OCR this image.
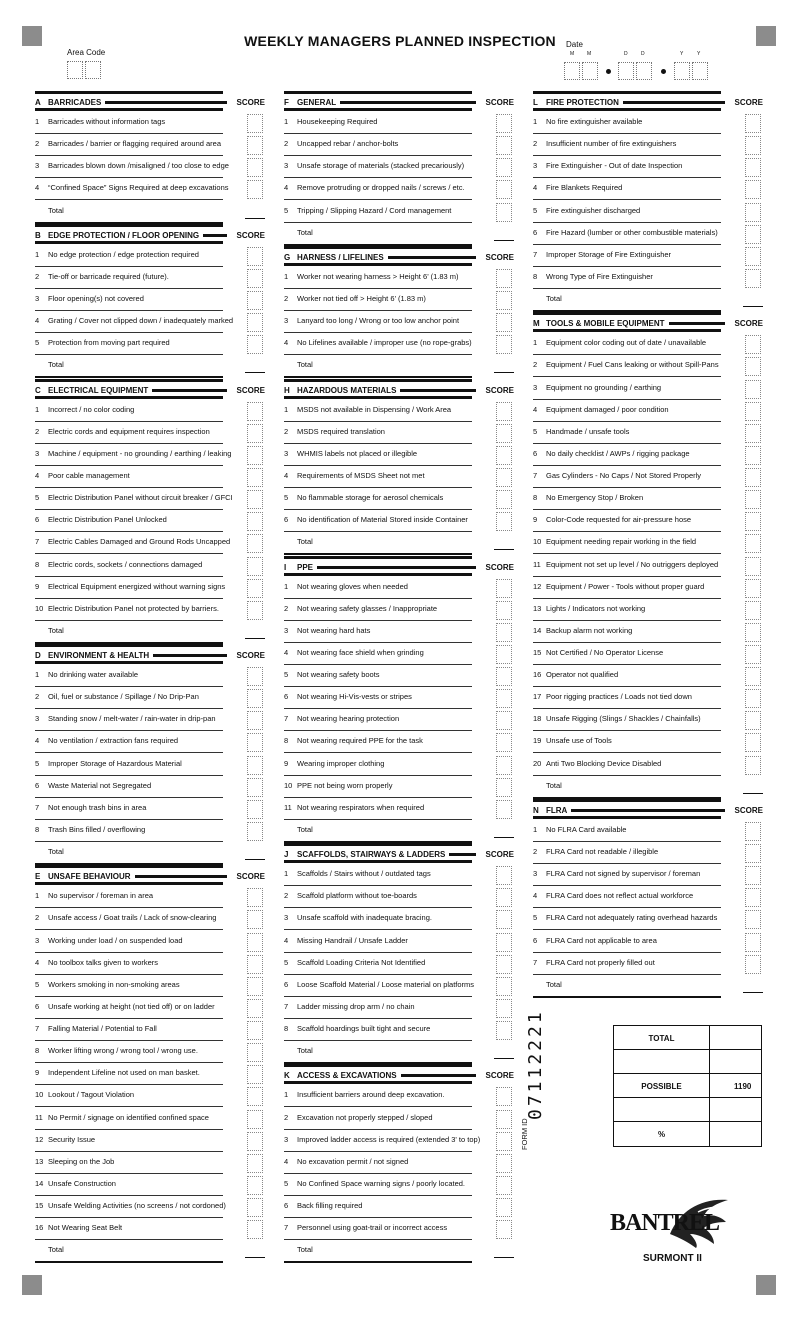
WEEKLY MANAGERS PLANNED INSPECTION
Area Code
Date
M	M	D	D	Y	Y
A BARRICADES	SCORE
1 Barricades without information tags
2 Barricades / barrier or flagging required around area
3 Barricades blown down /misaligned / too close to edge
4 “Confined Space” Signs Required at deep excavations
Total
B EDGE PROTECTION / FLOOR OPENING	SCORE
1 No edge protection / edge protection required
2 Tie-off or barricade required (future).
3 Floor opening(s) not covered
4 Grating / Cover not clipped down / inadequately marked
5 Protection from moving part required
Total
C ELECTRICAL EQUIPMENT	SCORE
1 Incorrect / no color coding
2 Electric cords and equipment requires inspection
3 Machine / equipment - no grounding / earthing / leaking
4 Poor cable management
5 Electric Distribution Panel without circuit breaker / GFCI
6 Electric Distribution Panel Unlocked
7 Electric Cables Damaged and Ground Rods Uncapped
8 Electric cords, sockets / connections damaged
9 Electrical Equipment energized without warning signs
10 Electric Distribution Panel not protected by barriers.
Total
D ENVIRONMENT & HEALTH	SCORE
1 No drinking water available
2 Oil, fuel or substance / Spillage / No Drip-Pan
3 Standing snow / melt-water / rain-water in drip-pan
4 No ventilation / extraction fans required
5 Improper Storage of Hazardous Material
6 Waste Material not Segregated
7 Not enough trash bins in area
8 Trash Bins filled / overflowing
Total
E UNSAFE BEHAVIOUR	SCORE
1 No supervisor / foreman in area
2 Unsafe access / Goat trails / Lack of snow-clearing
3 Working under load / on suspended load
4 No toolbox talks given to workers
5 Workers smoking in non-smoking areas
6 Unsafe working at height (not tied off) or on ladder
7 Falling Material / Potential to Fall
8 Worker lifting wrong / wrong tool / wrong use.
9 Independent Lifeline not used on man basket.
10 Lookout / Tagout Violation
11 No Permit / signage on identified confined space
12 Security Issue
13 Sleeping on the Job
14 Unsafe Construction
15 Unsafe Welding Activities (no screens / not cordoned)
16 Not Wearing Seat Belt
Total
F GENERAL	SCORE
1 Housekeeping Required
2 Uncapped rebar / anchor-bolts
3 Unsafe storage of materials (stacked precariously)
4 Remove protruding or dropped nails / screws / etc.
5 Tripping / Slipping Hazard / Cord management
Total
G HARNESS / LIFELINES	SCORE
1 Worker not wearing harness > Height 6’ (1.83 m)
2 Worker not tied off > Height 6’ (1.83 m)
3 Lanyard too long / Wrong or too low anchor point
4 No Lifelines available / improper use (no rope-grabs)
Total
H HAZARDOUS MATERIALS	SCORE
1 MSDS not available in Dispensing / Work Area
2 MSDS required translation
3 WHMIS labels not placed or illegible
4 Requirements of MSDS Sheet not met
5 No flammable storage for aerosol chemicals
6 No identification of Material Stored inside Container
Total
I PPE	SCORE
1 Not wearing gloves when needed
2 Not wearing safety glasses / Inappropriate
3 Not wearing hard hats
4 Not wearing face shield when grinding
5 Not wearing safety boots
6 Not wearing Hi-Vis-vests or stripes
7 Not wearing hearing protection
8 Not wearing required PPE for the task
9 Wearing improper clothing
10 PPE not being worn properly
11 Not wearing respirators when required
Total
J SCAFFOLDS, STAIRWAYS & LADDERS	SCORE
1 Scaffolds / Stairs without / outdated tags
2 Scaffold platform without toe-boards
3 Unsafe scaffold with inadequate bracing.
4 Missing Handrail / Unsafe Ladder
5 Scaffold Loading Criteria Not Identified
6 Loose Scaffold Material / Loose material on platforms
7 Ladder missing drop arm / no chain
8 Scaffold hoardings built tight and secure
Total
K ACCESS & EXCAVATIONS	SCORE
1 Insufficient barriers around deep excavation.
2 Excavation not properly stepped / sloped
3 Improved ladder access is required (extended 3' to top)
4 No excavation permit / not signed
5 No Confined Space warning signs / poorly located.
6 Back filling required
7 Personnel using goat-trail or incorrect access
Total
L FIRE PROTECTION	SCORE
1 No fire extinguisher available
2 Insufficient number of fire extinguishers
3 Fire Extinguisher - Out of date Inspection
4 Fire Blankets Required
5 Fire extinguisher discharged
6 Fire Hazard (lumber or other combustible materials)
7 Improper Storage of Fire Extinguisher
8 Wrong Type of Fire Extinguisher
Total
M TOOLS & MOBILE EQUIPMENT	SCORE
1 Equipment color coding out of date / unavailable
2 Equipment / Fuel Cans leaking or without Spill-Pans
3 Equipment no grounding / earthing
4 Equipment damaged / poor condition
5 Handmade / unsafe tools
6 No daily checklist / AWPs / rigging package
7 Gas Cylinders - No Caps / Not Stored Properly
8 No Emergency Stop / Broken
9 Color-Code requested for air-pressure hose
10 Equipment needing repair working in the field
11 Equipment not set up level / No outriggers deployed
12 Equipment / Power - Tools without proper guard
13 Lights / Indicators not working
14 Backup alarm not working
15 Not Certified / No Operator License
16 Operator not qualified
17 Poor rigging practices / Loads not tied down
18 Unsafe Rigging (Slings / Shackles / Chainfalls)
19 Unsafe use of Tools
20 Anti Two Blocking Device Disabled
Total
N FLRA	SCORE
1 No FLRA Card available
2 FLRA Card not readable / illegible
3 FLRA Card not signed by supervisor / foreman
4 FLRA Card does not reflect actual workforce
5 FLRA Card not adequately rating overhead hazards
6 FLRA Card not applicable to area
7 FLRA Card not properly filled out
Total
TOTAL
POSSIBLE	1190
%
07112221
FORM ID
BANTREL
SURMONT II
